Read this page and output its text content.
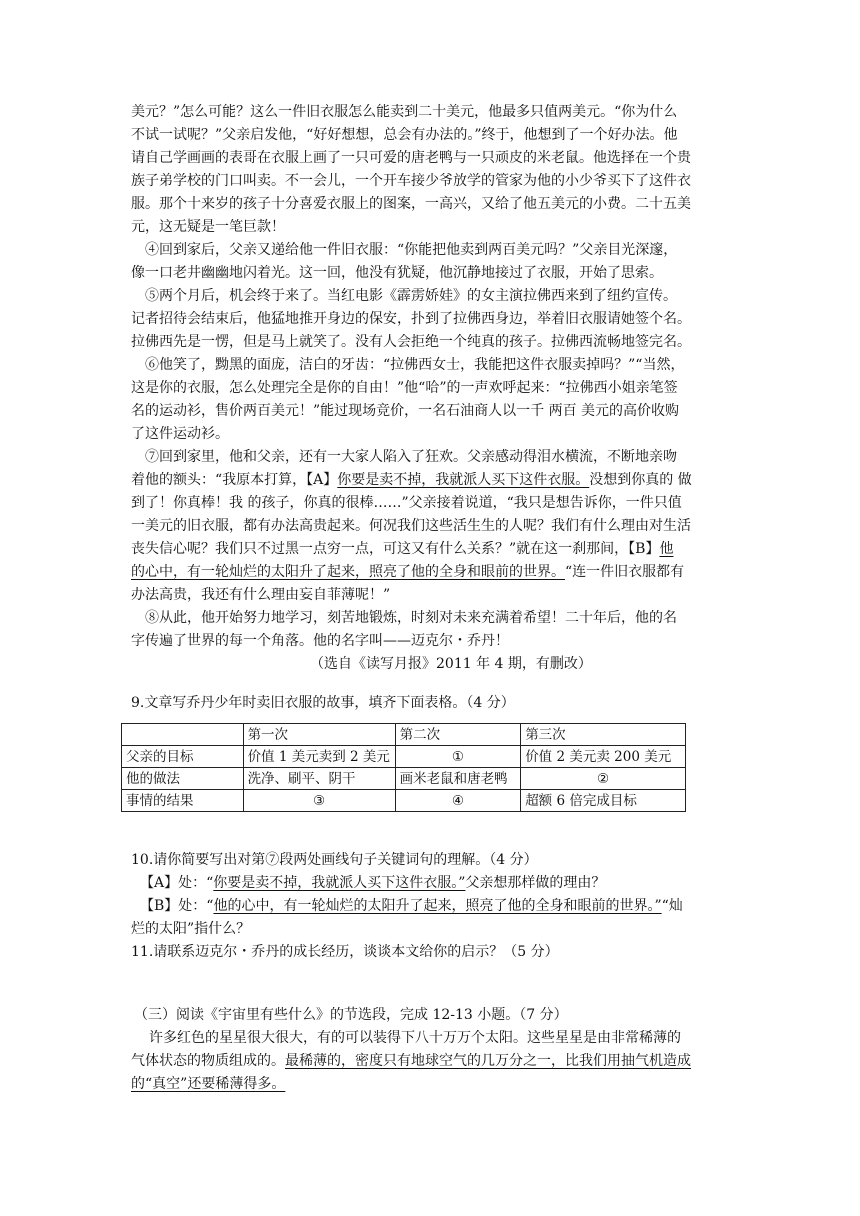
美元？”怎么可能？这么一件旧衣服怎么能卖到二十美元，他最多只值两美元。“你为什么
不试一试呢？”父亲启发他，“好好想想，总会有办法的。”终于，他想到了一个好办法。他
请自己学画画的表哥在衣服上画了一只可爱的唐老鸭与一只顽皮的米老鼠。他选择在一个贵
族子弟学校的门口叫卖。不一会儿，一个开车接少爷放学的管家为他的小少爷买下了这件衣
服。那个十来岁的孩子十分喜爱衣服上的图案，一高兴，又给了他五美元的小费。二十五美
元，这无疑是一笔巨款！
④回到家后，父亲又递给他一件旧衣服：“你能把他卖到两百美元吗？”父亲目光深邃，
像一口老井幽幽地闪着光。这一回，他没有犹疑，他沉静地接过了衣服，开始了思索。
⑤两个月后，机会终于来了。当红电影《霹雳娇娃》的女主演拉佛西来到了纽约宣传。
记者招待会结束后，他猛地推开身边的保安，扑到了拉佛西身边，举着旧衣服请她签个名。
拉佛西先是一愣，但是马上就笑了。没有人会拒绝一个纯真的孩子。拉佛西流畅地签完名。
⑥他笑了，黝黑的面庞，洁白的牙齿：“拉佛西女士，我能把这件衣服卖掉吗？”“当然，
这是你的衣服，怎么处理完全是你的自由！”他“哈”的一声欢呼起来：“拉佛西小姐亲笔签
名的运动衫，售价两百美元！”能过现场竞价，一名石油商人以一千 两百 美元的高价收购
了这件运动衫。
⑦回到家里，他和父亲，还有一大家人陷入了狂欢。父亲感动得泪水横流，不断地亲吻
着他的额头：“我原本打算，【A】你要是卖不掉，我就派人买下这件衣服。没想到你真的 做
到了！你真棒！我 的孩子，你真的很棒……”父亲接着说道，“我只是想告诉你，一件只值
一美元的旧衣服，都有办法高贵起来。何况我们这些活生生的人呢？我们有什么理由对生活
丧失信心呢？我们只不过黑一点穷一点，可这又有什么关系？”就在这一刹那间，【B】他
的心中，有一轮灿烂的太阳升了起来，照亮了他的全身和眼前的世界。“连一件旧衣服都有
办法高贵，我还有什么理由妄自菲薄呢！”
⑧从此，他开始努力地学习，刻苦地锻炼，时刻对未来充满着希望！二十年后，他的名
字传遍了世界的每一个角落。他的名字叫——迈克尔・乔丹！
（选自《读写月报》2011 年 4 期，有删改）
9.文章写乔丹少年时卖旧衣服的故事，填齐下面表格。（4 分）
	第一次	第二次	第三次
父亲的目标	价值 1 美元卖到 2 美元	①	价值 2 美元卖 200 美元
他的做法	洗净、刷平、阴干	画米老鼠和唐老鸭	②
事情的结果	③	④	超额 6 倍完成目标
10.请你简要写出对第⑦段两处画线句子关键词句的理解。（4 分）
【A】处：“你要是卖不掉，我就派人买下这件衣服。”父亲想那样做的理由？
【B】处：“他的心中，有一轮灿烂的太阳升了起来，照亮了他的全身和眼前的世界。”“灿
烂的太阳”指什么？
11.请联系迈克尔・乔丹的成长经历，谈谈本文给你的启示？（5 分）
（三）阅读《宇宙里有些什么》的节选段，完成 12-13 小题。（7 分）
许多红色的星星很大很大，有的可以装得下八十万万个太阳。这些星星是由非常稀薄的
气体状态的物质组成的。最稀薄的，密度只有地球空气的几万分之一，比我们用抽气机造成
的“真空”还要稀薄得多。
